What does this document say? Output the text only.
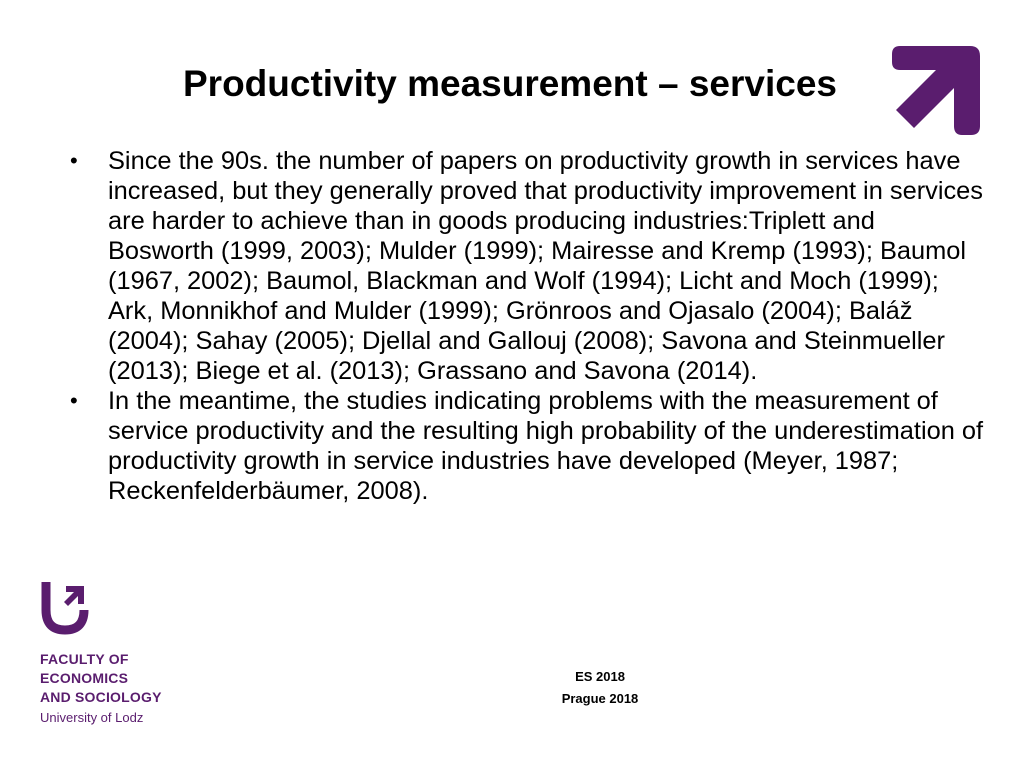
Productivity measurement – services
• Since the 90s. the number of papers on productivity growth in services have increased, but they generally proved that productivity improvement in services are harder to achieve than in goods producing industries:Triplett and Bosworth (1999, 2003); Mulder (1999); Mairesse and Kremp (1993); Baumol (1967, 2002); Baumol, Blackman and Wolf (1994); Licht and Moch (1999); Ark, Monnikhof and Mulder (1999); Grönroos and Ojasalo (2004); Baláž (2004); Sahay (2005); Djellal and Gallouj (2008); Savona and Steinmueller (2013); Biege et al. (2013); Grassano and Savona (2014).
• In the meantime, the studies indicating problems with the measurement of service productivity and the resulting high probability of the underestimation of productivity growth in service industries have developed (Meyer, 1987; Reckenfelderbäumer, 2008).
FACULTY OF
ECONOMICS
AND SOCIOLOGY
University of Lodz
ES 2018
Prague 2018
